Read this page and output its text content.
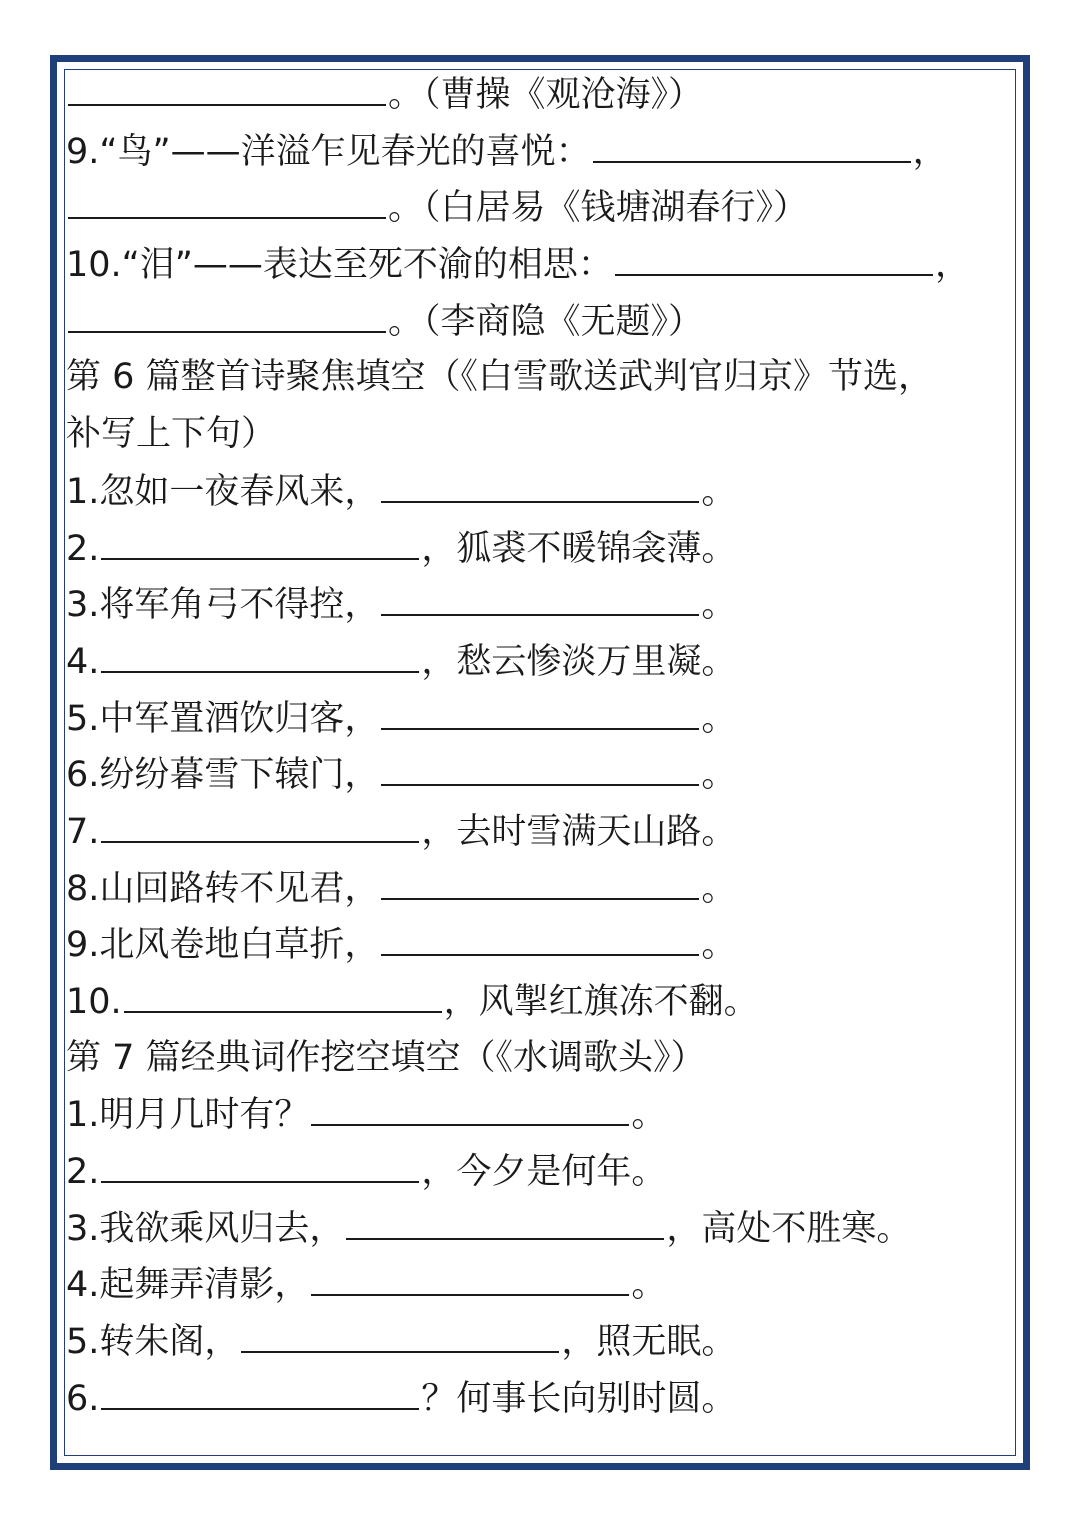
。（曹操《观沧海》）
9.“鸟”——洋溢乍见春光的喜悦：	，
。（白居易《钱塘湖春行》）
10.“泪”——表达至死不渝的相思：	，
。（李商隐《无题》）
第 6 篇整首诗聚焦填空（《白雪歌送武判官归京》节选，
补写上下句）
1.忽如一夜春风来，	。
2.	，狐裘不暖锦衾薄。
3.将军角弓不得控，	。
4.	，愁云惨淡万里凝。
5.中军置酒饮归客，	。
6.纷纷暮雪下辕门，	。
7.	，去时雪满天山路。
8.山回路转不见君，	。
9.北风卷地白草折，	。
10.	，风掣红旗冻不翻。
第 7 篇经典词作挖空填空（《水调歌头》）
1.明月几时有？	。
2.	，今夕是何年。
3.我欲乘风归去，	，高处不胜寒。
4.起舞弄清影，	。
5.转朱阁，	，照无眠。
6.	？何事长向别时圆。
